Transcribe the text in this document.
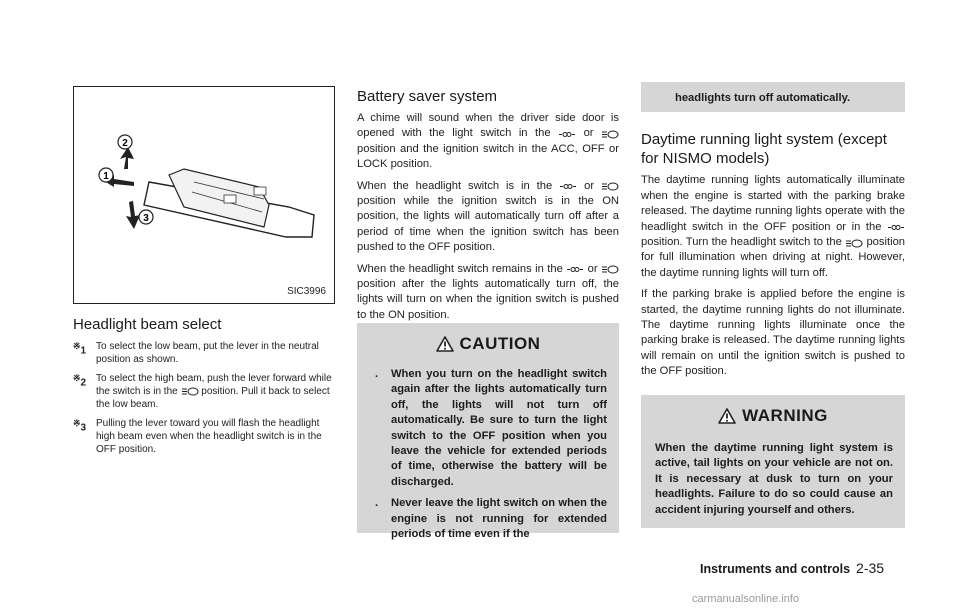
2
1
3
SIC3996
Headlight beam select
※1 To select the low beam, put the lever in the neutral position as shown.
※2 To select the high beam, push the lever forward while the switch is in the position. Pull it back to select the low beam.
※3 Pulling the lever toward you will flash the headlight high beam even when the headlight switch is in the OFF position.
Battery saver system

A chime will sound when the driver side door is opened with the light switch in the	or  position and the ignition switch in the ACC, OFF or LOCK position.

When the headlight switch is in the	or  position while the ignition switch is in the ON position, the lights will automatically turn off after a period of time when the ignition switch has been pushed to the OFF position.

When the headlight switch remains in the or  position after the lights automatically turn off, the lights will turn on when the ignition switch is pushed to the ON position.

CAUTION
. When you turn on the headlight switch again after the lights automatically turn off, the lights will not turn off automatically. Be sure to turn the light switch to the OFF position when you leave the vehicle for extended periods of time, otherwise the battery will be discharged.
. Never leave the light switch on when the engine is not running for extended periods of time even if the

headlights turn off automatically.

Daytime running light system (except for NISMO models)

The daytime running lights automatically illuminate when the engine is started with the parking brake released. The daytime running lights operate with the headlight switch in the OFF position or in the  position. Turn the headlight switch to the position for full illumination when driving at night. However, the daytime running lights will turn off.

If the parking brake is applied before the engine is started, the daytime running lights do not illuminate. The daytime running lights illuminate once the parking brake is released. The daytime running lights will remain on until the ignition switch is pushed to the OFF position.

WARNING

When the daytime running light system is active, tail lights on your vehicle are not on. It is necessary at dusk to turn on your headlights. Failure to do so could cause an accident injuring yourself and others.

Instruments and controls 2-35
carmanualsonline.info
